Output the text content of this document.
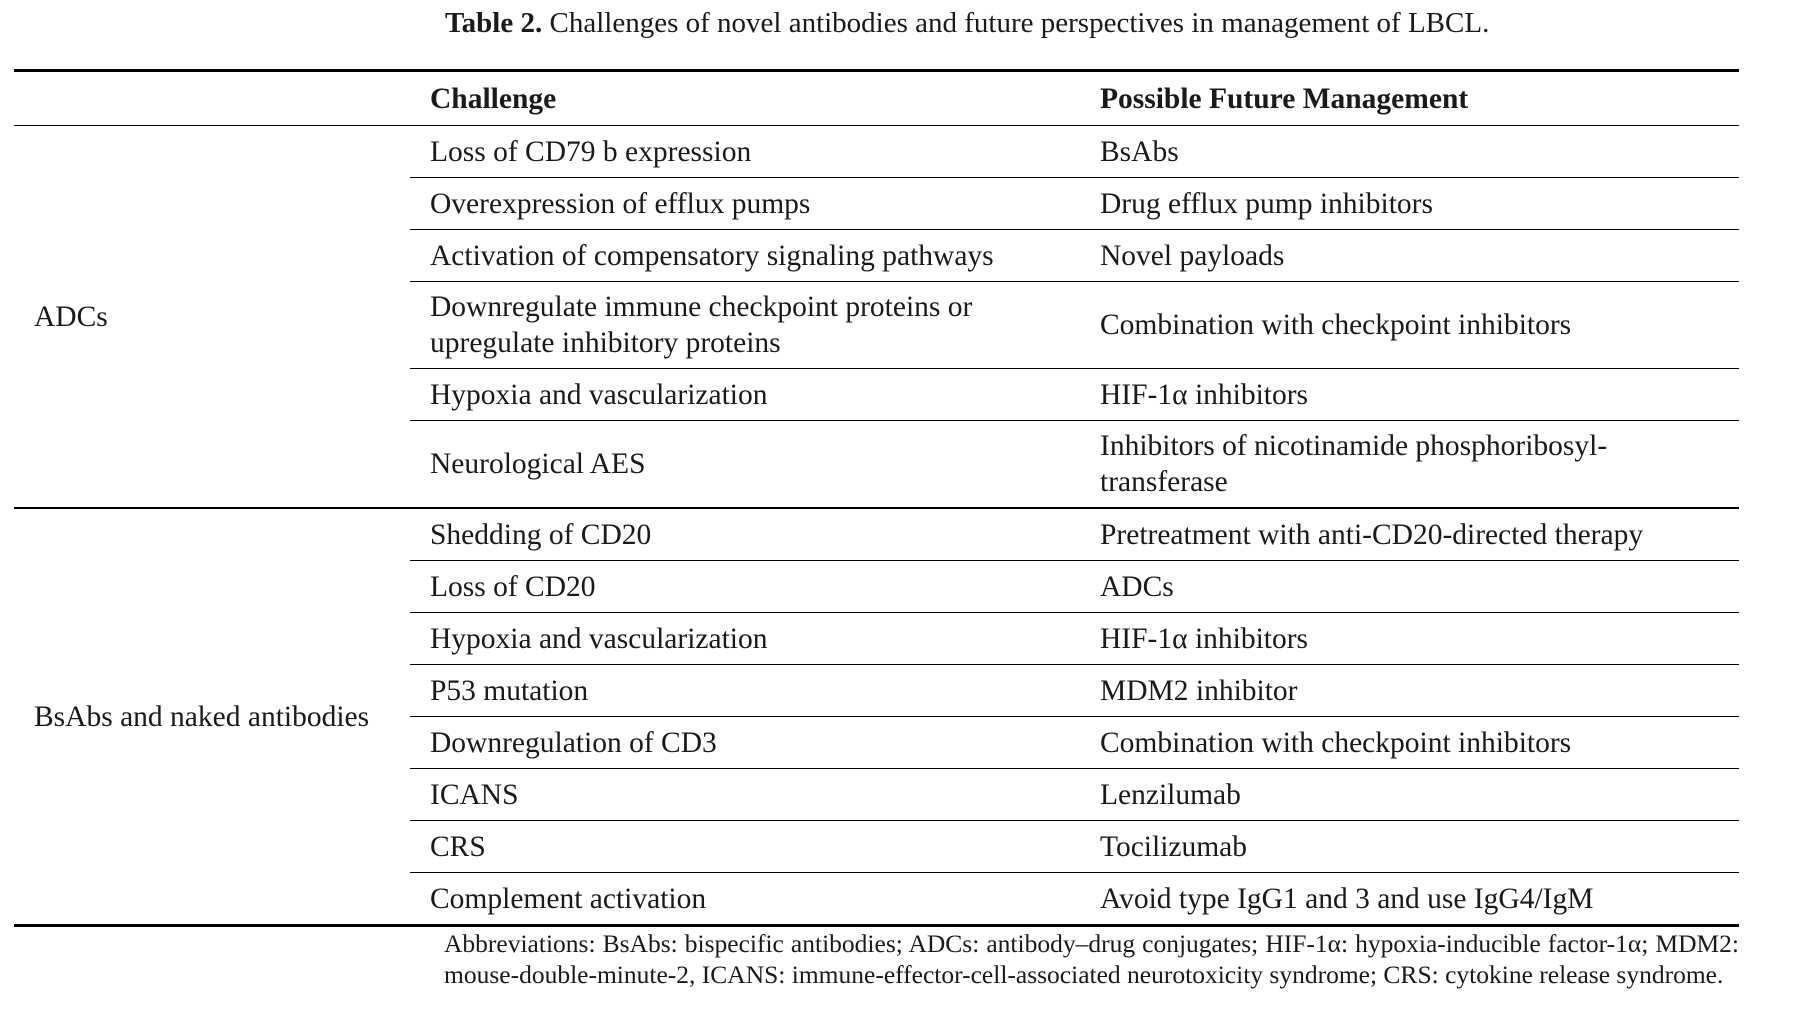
Table 2. Challenges of novel antibodies and future perspectives in management of LBCL.
	Challenge	Possible Future Management
ADCs	Loss of CD79 b expression	BsAbs
	Overexpression of efflux pumps	Drug efflux pump inhibitors
	Activation of compensatory signaling pathways	Novel payloads
	Downregulate immune checkpoint proteins or upregulate inhibitory proteins	Combination with checkpoint inhibitors
	Hypoxia and vascularization	HIF-1α inhibitors
	Neurological AES	Inhibitors of nicotinamide phosphoribosyl-transferase
BsAbs and naked antibodies	Shedding of CD20	Pretreatment with anti-CD20-directed therapy
	Loss of CD20	ADCs
	Hypoxia and vascularization	HIF-1α inhibitors
	P53 mutation	MDM2 inhibitor
	Downregulation of CD3	Combination with checkpoint inhibitors
	ICANS	Lenzilumab
	CRS	Tocilizumab
	Complement activation	Avoid type IgG1 and 3 and use IgG4/IgM
Abbreviations: BsAbs: bispecific antibodies; ADCs: antibody–drug conjugates; HIF-1α: hypoxia-inducible factor-1α; MDM2: mouse-double-minute-2, ICANS: immune-effector-cell-associated neurotoxicity syndrome; CRS: cytokine release syndrome.
